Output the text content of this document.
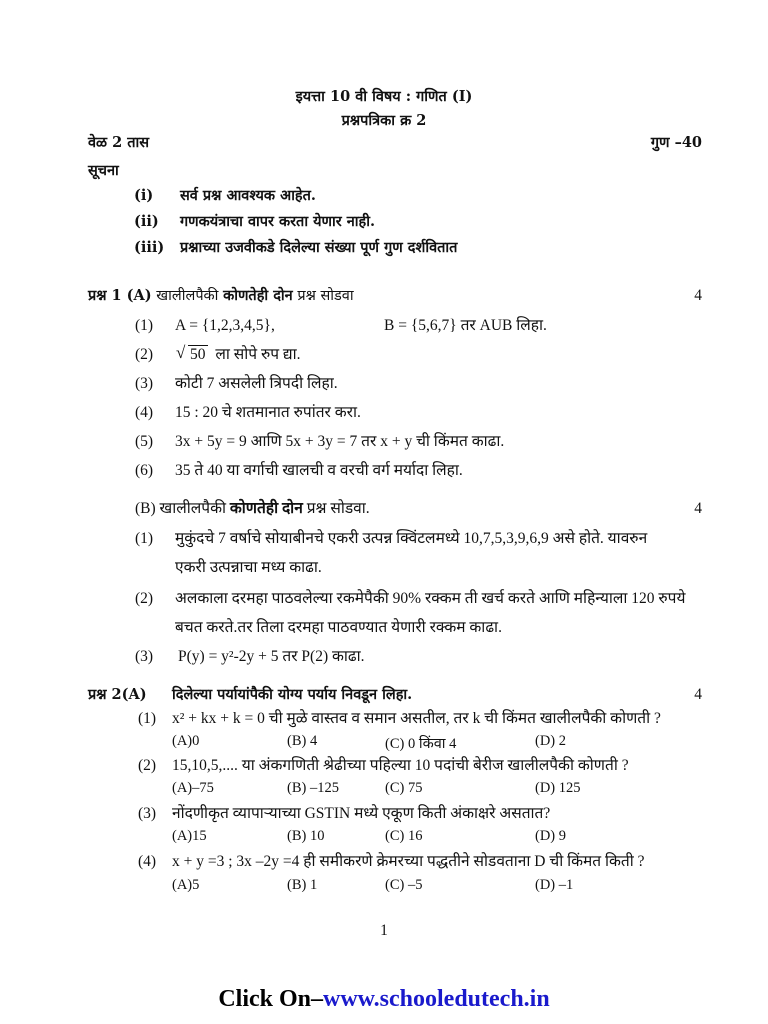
इयत्ता 10 वी विषय : गणित (I)
प्रश्नपत्रिका क्र 2
वेळ 2 तास	गुण –40
सूचना
(i) सर्व प्रश्न आवश्यक आहेत.
(ii) गणकयंत्राचा वापर करता येणार नाही.
(iii) प्रश्नाच्या उजवीकडे दिलेल्या संख्या पूर्ण गुण दर्शवितात
प्रश्न 1 (A) खालीलपैकी कोणतेही दोन प्रश्न सोडवा	4
(1) A = {1,2,3,4,5},	B = {5,6,7} तर AUB लिहा.
(2)	√ 50 ला सोपे रुप द्या.
(3) कोटी 7 असलेली त्रिपदी लिहा.
(4) 15 : 20 चे शतमानात रुपांतर करा.
(5) 3x + 5y = 9 आणि 5x + 3y = 7 तर x + y ची किंमत काढा.
(6) 35 ते 40 या वर्गाची खालची व वरची वर्ग मर्यादा लिहा.
(B) खालीलपैकी कोणतेही दोन प्रश्न सोडवा.	4
(1) मुकुंदचे 7 वर्षाचे सोयाबीनचे एकरी उत्पन्न क्विंटलमध्ये 10,7,5,3,9,6,9 असे होते. यावरुन
एकरी उत्पन्नाचा मध्य काढा.
(2) अलकाला दरमहा पाठवलेल्या रकमेपैकी 90% रक्कम ती खर्च करते आणि महिन्याला 120 रुपये
बचत करते.तर तिला दरमहा पाठवण्यात येणारी रक्कम काढा.
(3) P(y) = y²-2y + 5 तर P(2) काढा.
प्रश्न 2(A) दिलेल्या पर्यायांपैकी योग्य पर्याय निवडून लिहा.	4
(1) x² + kx + k = 0 ची मुळे वास्तव व समान असतील, तर k ची किंमत खालीलपैकी कोणती ?
(A)0	(B) 4	(C) 0 किंवा 4	(D) 2
(2) 15,10,5,.... या अंकगणिती श्रेढीच्या पहिल्या 10 पदांची बेरीज खालीलपैकी कोणती ?
(A)–75	(B) –125	(C) 75	(D) 125
(3) नोंदणीकृत व्यापाऱ्याच्या GSTIN मध्ये एकूण किती अंकाक्षरे असतात?
(A)15	(B) 10	(C) 16	(D) 9
(4) x + y =3 ; 3x –2y =4 ही समीकरणे क्रेमरच्या पद्धतीने सोडवताना D ची किंमत किती ?
(A)5	(B) 1	(C) –5	(D) –1
1
Click On–www.schooledutech.in
